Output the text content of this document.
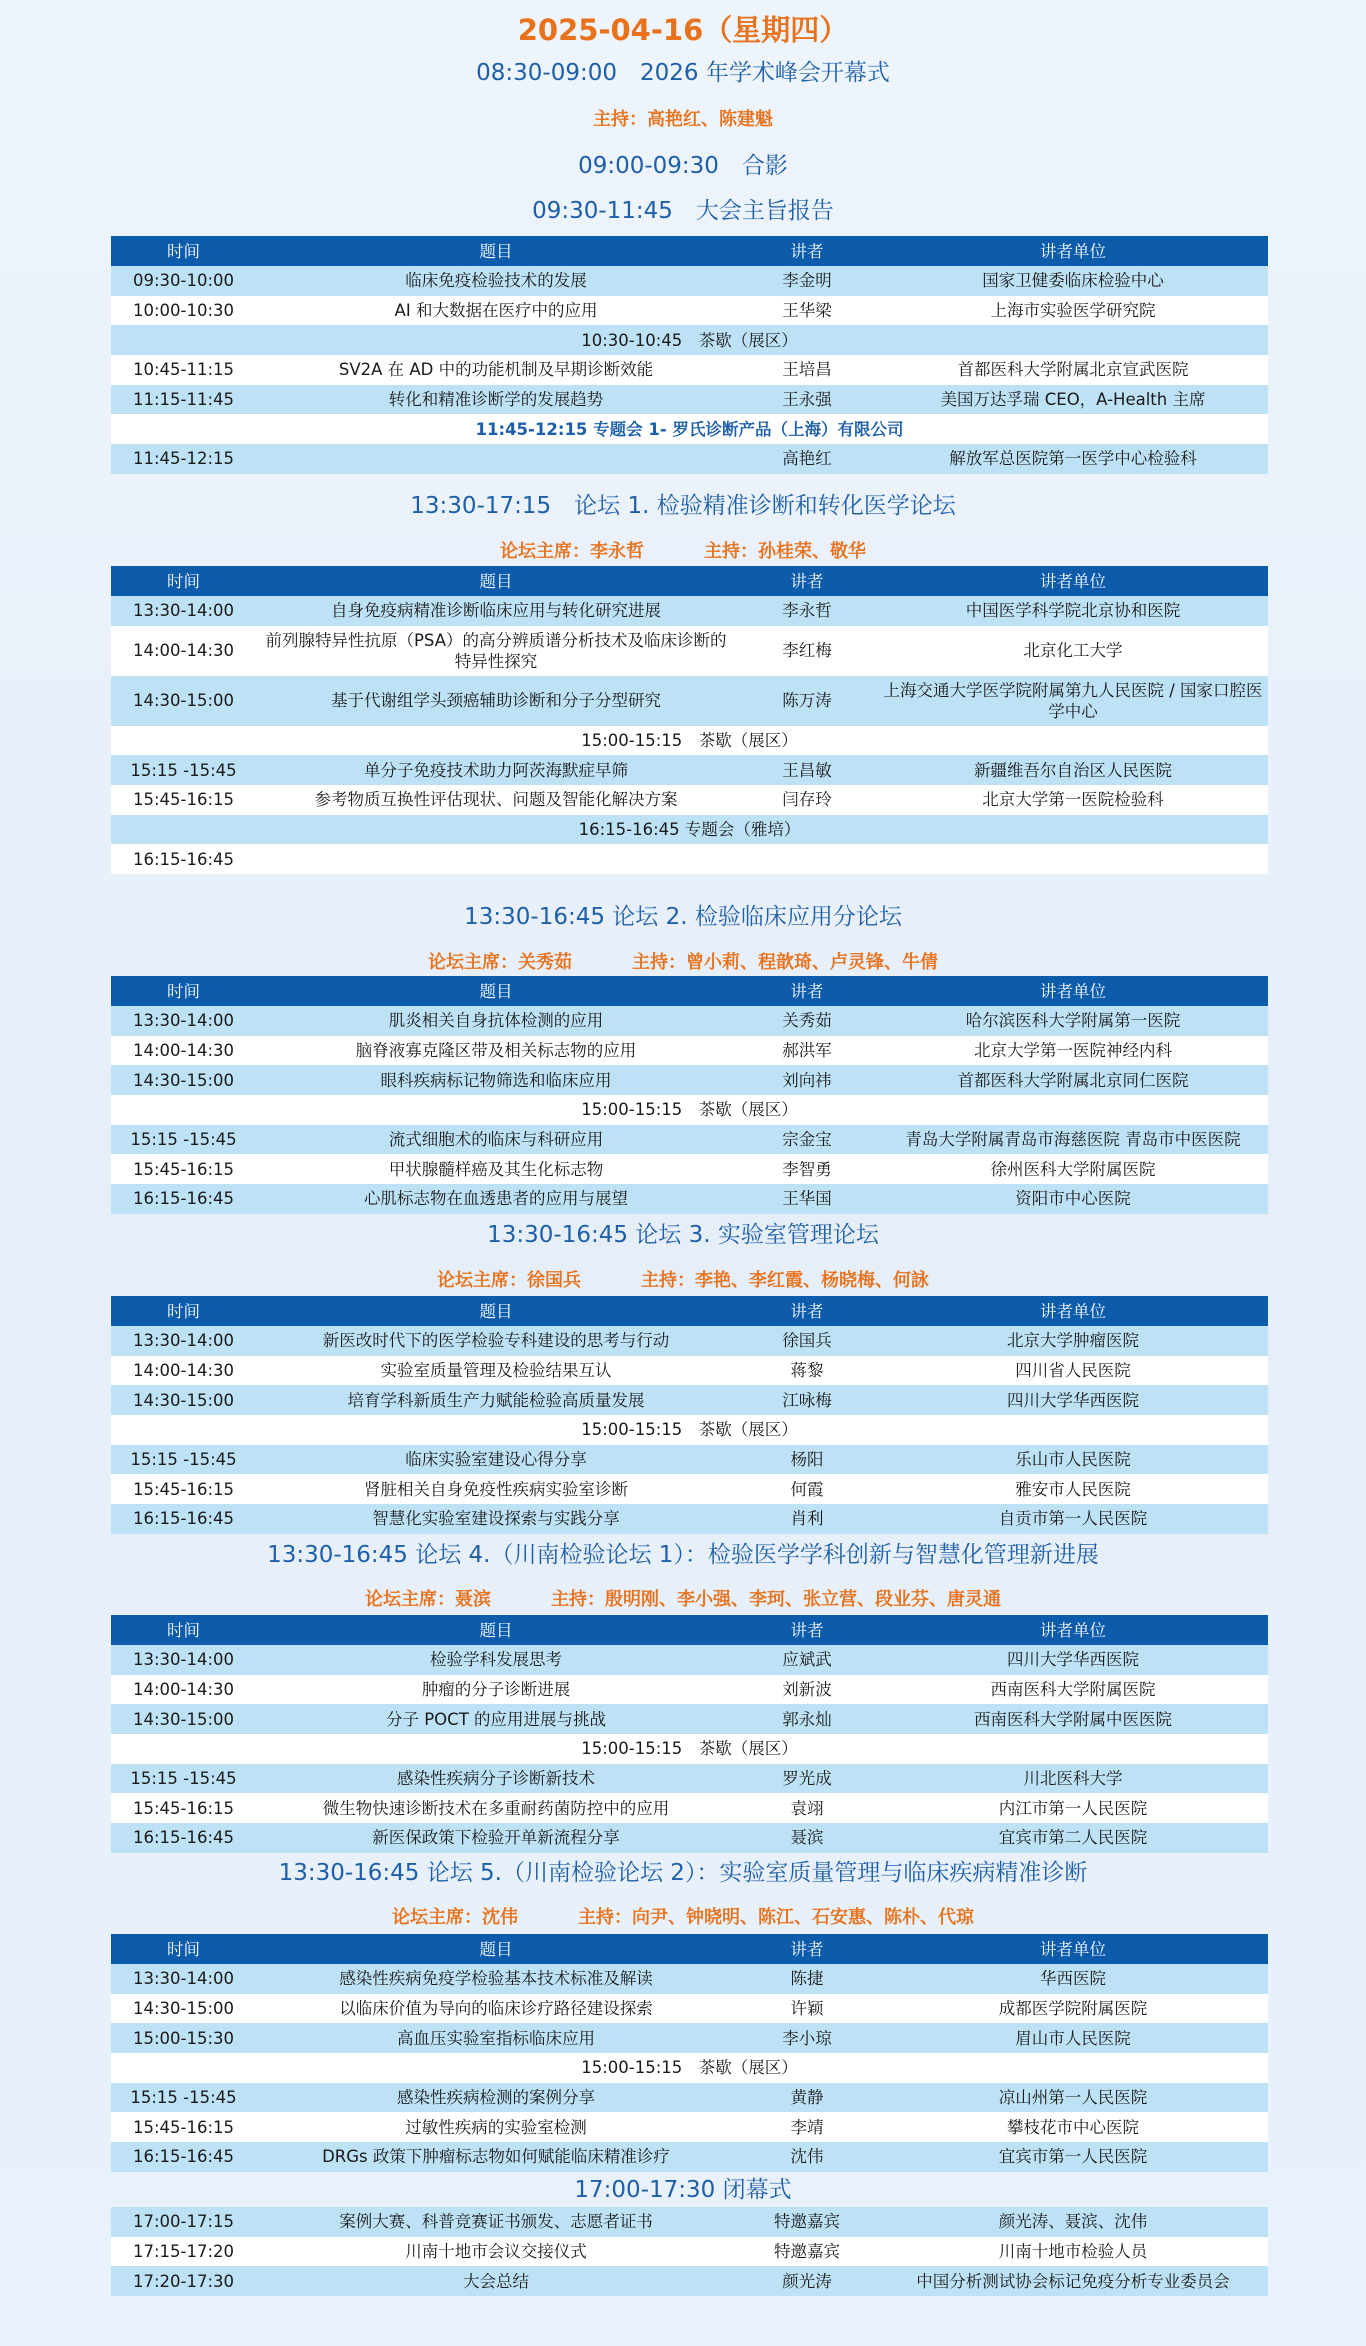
2025-04-16（星期四）
08:30-09:00　2026 年学术峰会开幕式
主持：高艳红、陈建魁
09:00-09:30　合影
09:30-11:45　大会主旨报告
时间	题目	讲者	讲者单位
09:30-10:00	临床免疫检验技术的发展	李金明	国家卫健委临床检验中心
10:00-10:30	AI 和大数据在医疗中的应用	王华梁	上海市实验医学研究院
10:30-10:45　茶歇（展区）			
10:45-11:15	SV2A 在 AD 中的功能机制及早期诊断效能	王培昌	首都医科大学附属北京宣武医院
11:15-11:45	转化和精准诊断学的发展趋势	王永强	美国万达孚瑞 CEO，A-Health 主席
11:45-12:15 专题会 1- 罗氏诊断产品（上海）有限公司			
11:45-12:15		高艳红	解放军总医院第一医学中心检验科
13:30-17:15　论坛 1. 检验精准诊断和转化医学论坛
论坛主席：李永哲	主持：孙桂荣、敬华
时间	题目	讲者	讲者单位
13:30-14:00	自身免疫病精准诊断临床应用与转化研究进展	李永哲	中国医学科学院北京协和医院
14:00-14:30	前列腺特异性抗原（PSA）的高分辨质谱分析技术及临床诊断的特异性探究	李红梅	北京化工大学
14:30-15:00	基于代谢组学头颈癌辅助诊断和分子分型研究	陈万涛	上海交通大学医学院附属第九人民医院 / 国家口腔医学中心
15:00-15:15　茶歇（展区）			
15:15 -15:45	单分子免疫技术助力阿茨海默症早筛	王昌敏	新疆维吾尔自治区人民医院
15:45-16:15	参考物质互换性评估现状、问题及智能化解决方案	闫存玲	北京大学第一医院检验科
16:15-16:45 专题会（雅培）			
16:15-16:45			
13:30-16:45 论坛 2. 检验临床应用分论坛
论坛主席：关秀茹	主持：曾小莉、程歆琦、卢灵锋、牛倩
时间	题目	讲者	讲者单位
13:30-14:00	肌炎相关自身抗体检测的应用	关秀茹	哈尔滨医科大学附属第一医院
14:00-14:30	脑脊液寡克隆区带及相关标志物的应用	郝洪军	北京大学第一医院神经内科
14:30-15:00	眼科疾病标记物筛选和临床应用	刘向祎	首都医科大学附属北京同仁医院
15:00-15:15　茶歇（展区）			
15:15 -15:45	流式细胞术的临床与科研应用	宗金宝	青岛大学附属青岛市海慈医院 青岛市中医医院
15:45-16:15	甲状腺髓样癌及其生化标志物	李智勇	徐州医科大学附属医院
16:15-16:45	心肌标志物在血透患者的应用与展望	王华国	资阳市中心医院
13:30-16:45 论坛 3. 实验室管理论坛
论坛主席：徐国兵	主持：李艳、李红霞、杨晓梅、何詠
时间	题目	讲者	讲者单位
13:30-14:00	新医改时代下的医学检验专科建设的思考与行动	徐国兵	北京大学肿瘤医院
14:00-14:30	实验室质量管理及检验结果互认	蒋黎	四川省人民医院
14:30-15:00	培育学科新质生产力赋能检验高质量发展	江咏梅	四川大学华西医院
15:00-15:15　茶歇（展区）			
15:15 -15:45	临床实验室建设心得分享	杨阳	乐山市人民医院
15:45-16:15	肾脏相关自身免疫性疾病实验室诊断	何霞	雅安市人民医院
16:15-16:45	智慧化实验室建设探索与实践分享	肖利	自贡市第一人民医院
13:30-16:45 论坛 4.（川南检验论坛 1）：检验医学学科创新与智慧化管理新进展
论坛主席：聂滨	主持：殷明刚、李小强、李珂、张立营、段业芬、唐灵通
时间	题目	讲者	讲者单位
13:30-14:00	检验学科发展思考	应斌武	四川大学华西医院
14:00-14:30	肿瘤的分子诊断进展	刘新波	西南医科大学附属医院
14:30-15:00	分子 POCT 的应用进展与挑战	郭永灿	西南医科大学附属中医医院
15:00-15:15　茶歇（展区）			
15:15 -15:45	感染性疾病分子诊断新技术	罗光成	川北医科大学
15:45-16:15	微生物快速诊断技术在多重耐药菌防控中的应用	袁翊	内江市第一人民医院
16:15-16:45	新医保政策下检验开单新流程分享	聂滨	宜宾市第二人民医院
13:30-16:45 论坛 5.（川南检验论坛 2）：实验室质量管理与临床疾病精准诊断
论坛主席：沈伟	主持：向尹、钟晓明、陈江、石安惠、陈朴、代琼
时间	题目	讲者	讲者单位
13:30-14:00	感染性疾病免疫学检验基本技术标准及解读	陈捷	华西医院
14:30-15:00	以临床价值为导向的临床诊疗路径建设探索	许颖	成都医学院附属医院
15:00-15:30	高血压实验室指标临床应用	李小琼	眉山市人民医院
15:00-15:15　茶歇（展区）			
15:15 -15:45	感染性疾病检测的案例分享	黄静	凉山州第一人民医院
15:45-16:15	过敏性疾病的实验室检测	李靖	攀枝花市中心医院
16:15-16:45	DRGs 政策下肿瘤标志物如何赋能临床精准诊疗	沈伟	宜宾市第一人民医院
17:00-17:30 闭幕式
17:00-17:15	案例大赛、科普竞赛证书颁发、志愿者证书	特邀嘉宾	颜光涛、聂滨、沈伟
17:15-17:20	川南十地市会议交接仪式	特邀嘉宾	川南十地市检验人员
17:20-17:30	大会总结	颜光涛	中国分析测试协会标记免疫分析专业委员会
